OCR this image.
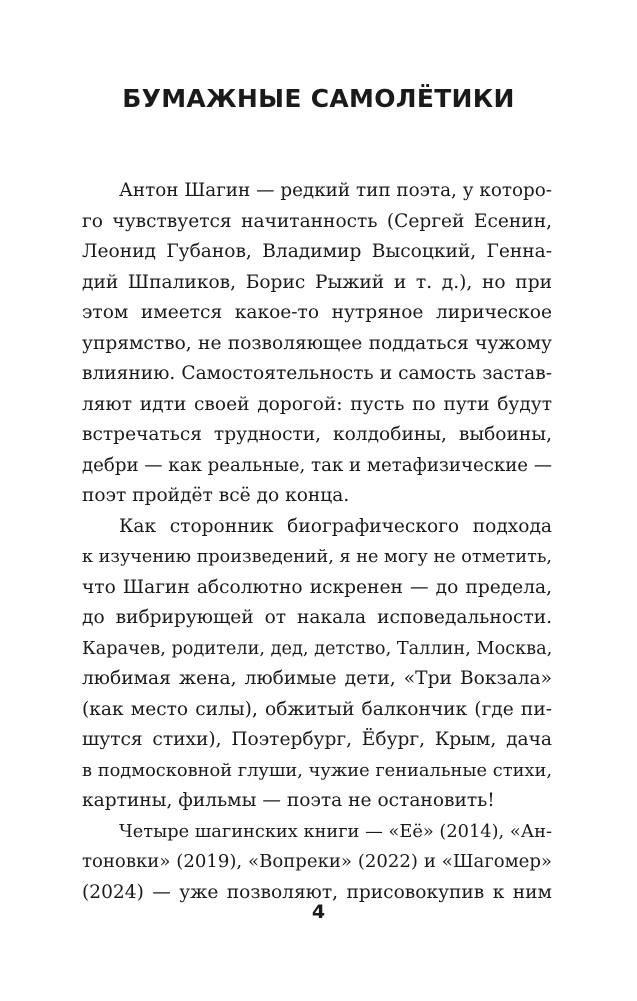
БУМАЖНЫЕ САМОЛЁТИКИ
Антон Шагин — редкий тип поэта, у которо-
го чувствуется начитанность (Сергей Есенин,
Леонид Губанов, Владимир Высоцкий, Генна-
дий Шпаликов, Борис Рыжий и т. д.), но при
этом имеется какое-то нутряное лирическое
упрямство, не позволяющее поддаться чужому
влиянию. Самостоятельность и самость застав-
ляют идти своей дорогой: пусть по пути будут
встречаться трудности, колдобины, выбоины,
дебри — как реальные, так и метафизические —
поэт пройдёт всё до конца.
Как сторонник биографического подхода
к изучению произведений, я не могу не отметить,
что Шагин абсолютно искренен — до предела,
до вибрирующей от накала исповедальности.
Карачев, родители, дед, детство, Таллин, Москва,
любимая жена, любимые дети, «Три Вокзала»
(как место силы), обжитый балкончик (где пи-
шутся стихи), Поэтербург, Ёбург, Крым, дача
в подмосковной глуши, чужие гениальные стихи,
картины, фильмы — поэта не остановить!
Четыре шагинских книги — «Её» (2014), «Ан-
тоновки» (2019), «Вопреки» (2022) и «Шагомер»
(2024) — уже позволяют, присовокупив к ним
4
